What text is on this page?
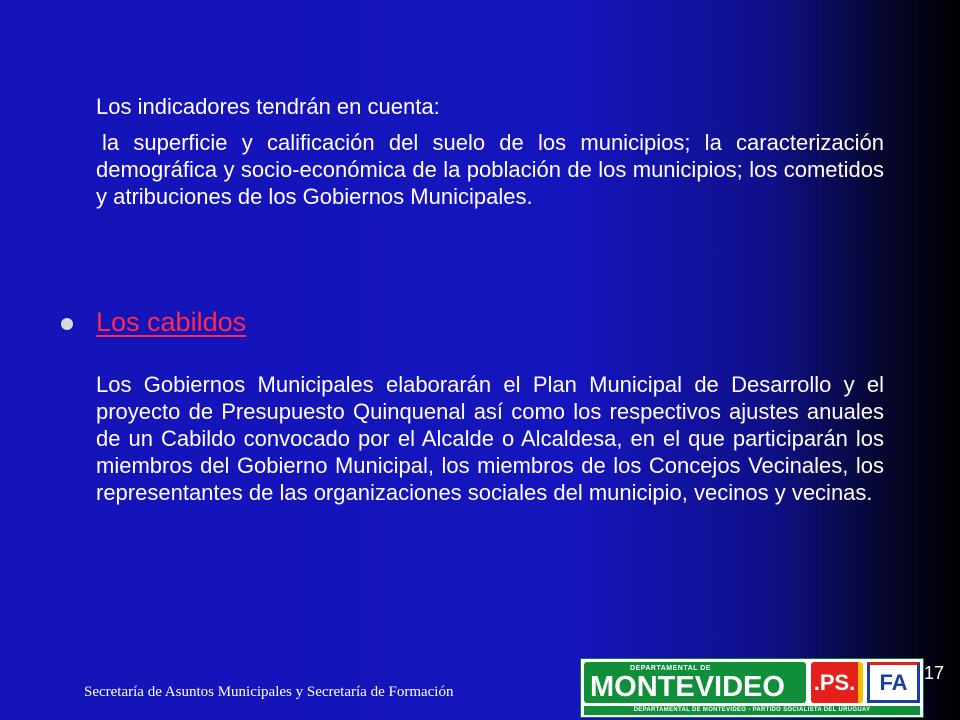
Los indicadores tendrán en cuenta:
la superficie y calificación del suelo de los municipios; la caracterización demográfica y socio-económica de la población de los municipios; los cometidos y atribuciones de los Gobiernos Municipales.
Los cabildos
Los Gobiernos Municipales elaborarán el Plan Municipal de Desarrollo y el proyecto de Presupuesto Quinquenal así como los respectivos ajustes anuales de un Cabildo convocado por el Alcalde o Alcaldesa, en el que participarán los miembros del Gobierno Municipal, los miembros de los Concejos Vecinales, los representantes de las organizaciones sociales del municipio, vecinos y vecinas.
Secretaría de Asuntos Municipales y Secretaría de Formación
DEPARTAMENTAL DE
MONTEVIDEO .PS.	FA
DEPARTAMENTAL DE MONTEVIDEO - PARTIDO SOCIALISTA DEL URUGUAY
17
